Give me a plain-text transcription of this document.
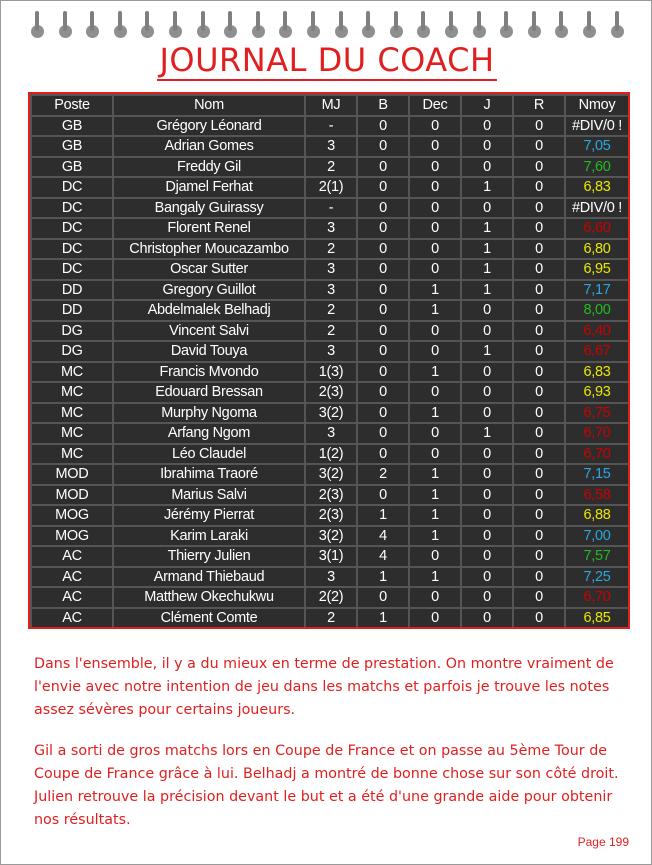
JOURNAL DU COACH
Poste	Nom	MJ	B	Dec	J	R	Nmoy
GB	Grégory Léonard	-	0	0	0	0	#DIV/0 !
GB	Adrian Gomes	3	0	0	0	0	7,05
GB	Freddy Gil	2	0	0	0	0	7,60
DC	Djamel Ferhat	2(1)	0	0	1	0	6,83
DC	Bangaly Guirassy	-	0	0	0	0	#DIV/0 !
DC	Florent Renel	3	0	0	1	0	6,60
DC	Christopher Moucazambo	2	0	0	1	0	6,80
DC	Oscar Sutter	3	0	0	1	0	6,95
DD	Gregory Guillot	3	0	1	1	0	7,17
DD	Abdelmalek Belhadj	2	0	1	0	0	8,00
DG	Vincent Salvi	2	0	0	0	0	6,40
DG	David Touya	3	0	0	1	0	6,67
MC	Francis Mvondo	1(3)	0	1	0	0	6,83
MC	Edouard Bressan	2(3)	0	0	0	0	6,93
MC	Murphy Ngoma	3(2)	0	1	0	0	6,75
MC	Arfang Ngom	3	0	0	1	0	6,70
MC	Léo Claudel	1(2)	0	0	0	0	6,70
MOD	Ibrahima Traoré	3(2)	2	1	0	0	7,15
MOD	Marius Salvi	2(3)	0	1	0	0	6,58
MOG	Jérémy Pierrat	2(3)	1	1	0	0	6,88
MOG	Karim Laraki	3(2)	4	1	0	0	7,00
AC	Thierry Julien	3(1)	4	0	0	0	7,57
AC	Armand Thiebaud	3	1	1	0	0	7,25
AC	Matthew Okechukwu	2(2)	0	0	0	0	6,70
AC	Clément Comte	2	1	0	0	0	6,85

Dans l'ensemble, il y a du mieux en terme de prestation. On montre vraiment de l'envie avec notre intention de jeu dans les matchs et parfois je trouve les notes assez sévères pour certains joueurs.

Gil a sorti de gros matchs lors en Coupe de France et on passe au 5ème Tour de Coupe de France grâce à lui. Belhadj a montré de bonne chose sur son côté droit. Julien retrouve la précision devant le but et a été d'une grande aide pour obtenir nos résultats.

Page 199
